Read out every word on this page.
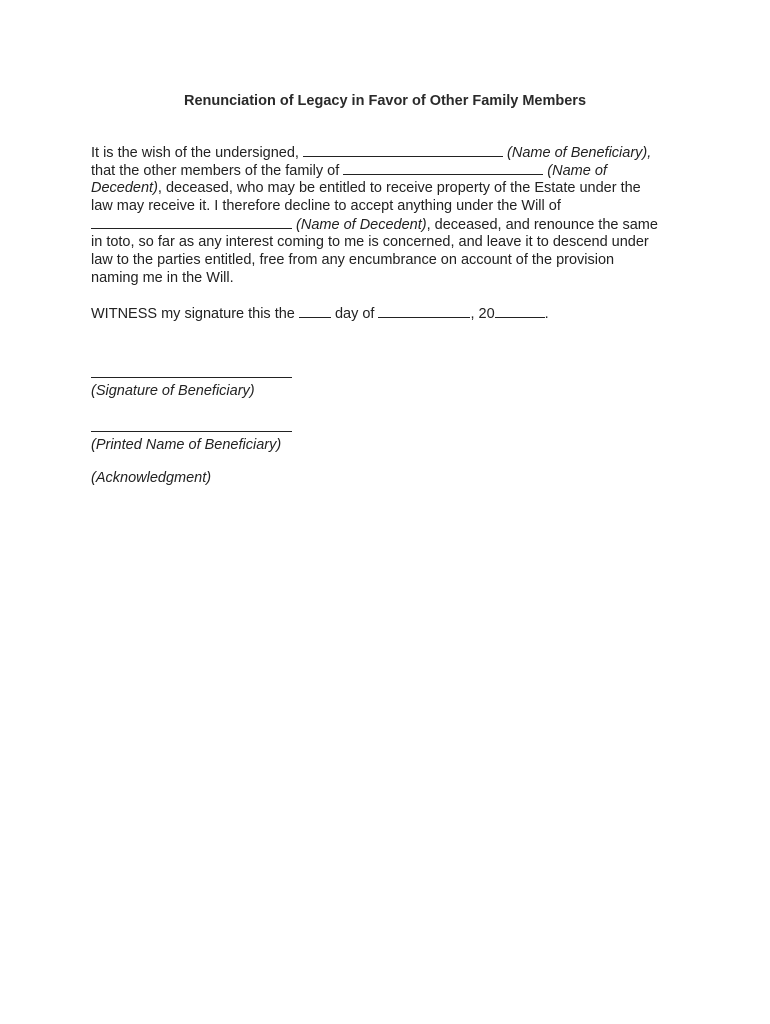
Renunciation of Legacy in Favor of Other Family Members
It is the wish of the undersigned,	(Name of Beneficiary),
that the other members of the family of	(Name of
Decedent), deceased, who may be entitled to receive property of the Estate under the
law may receive it. I therefore decline to accept anything under the Will of
(Name of Decedent), deceased, and renounce the same
in toto, so far as any interest coming to me is concerned, and leave it to descend under
law to the parties entitled, free from any encumbrance on account of the provision
naming me in the Will.
WITNESS my signature this the	day of	, 20	.
(Signature of Beneficiary)
(Printed Name of Beneficiary)
(Acknowledgment)
